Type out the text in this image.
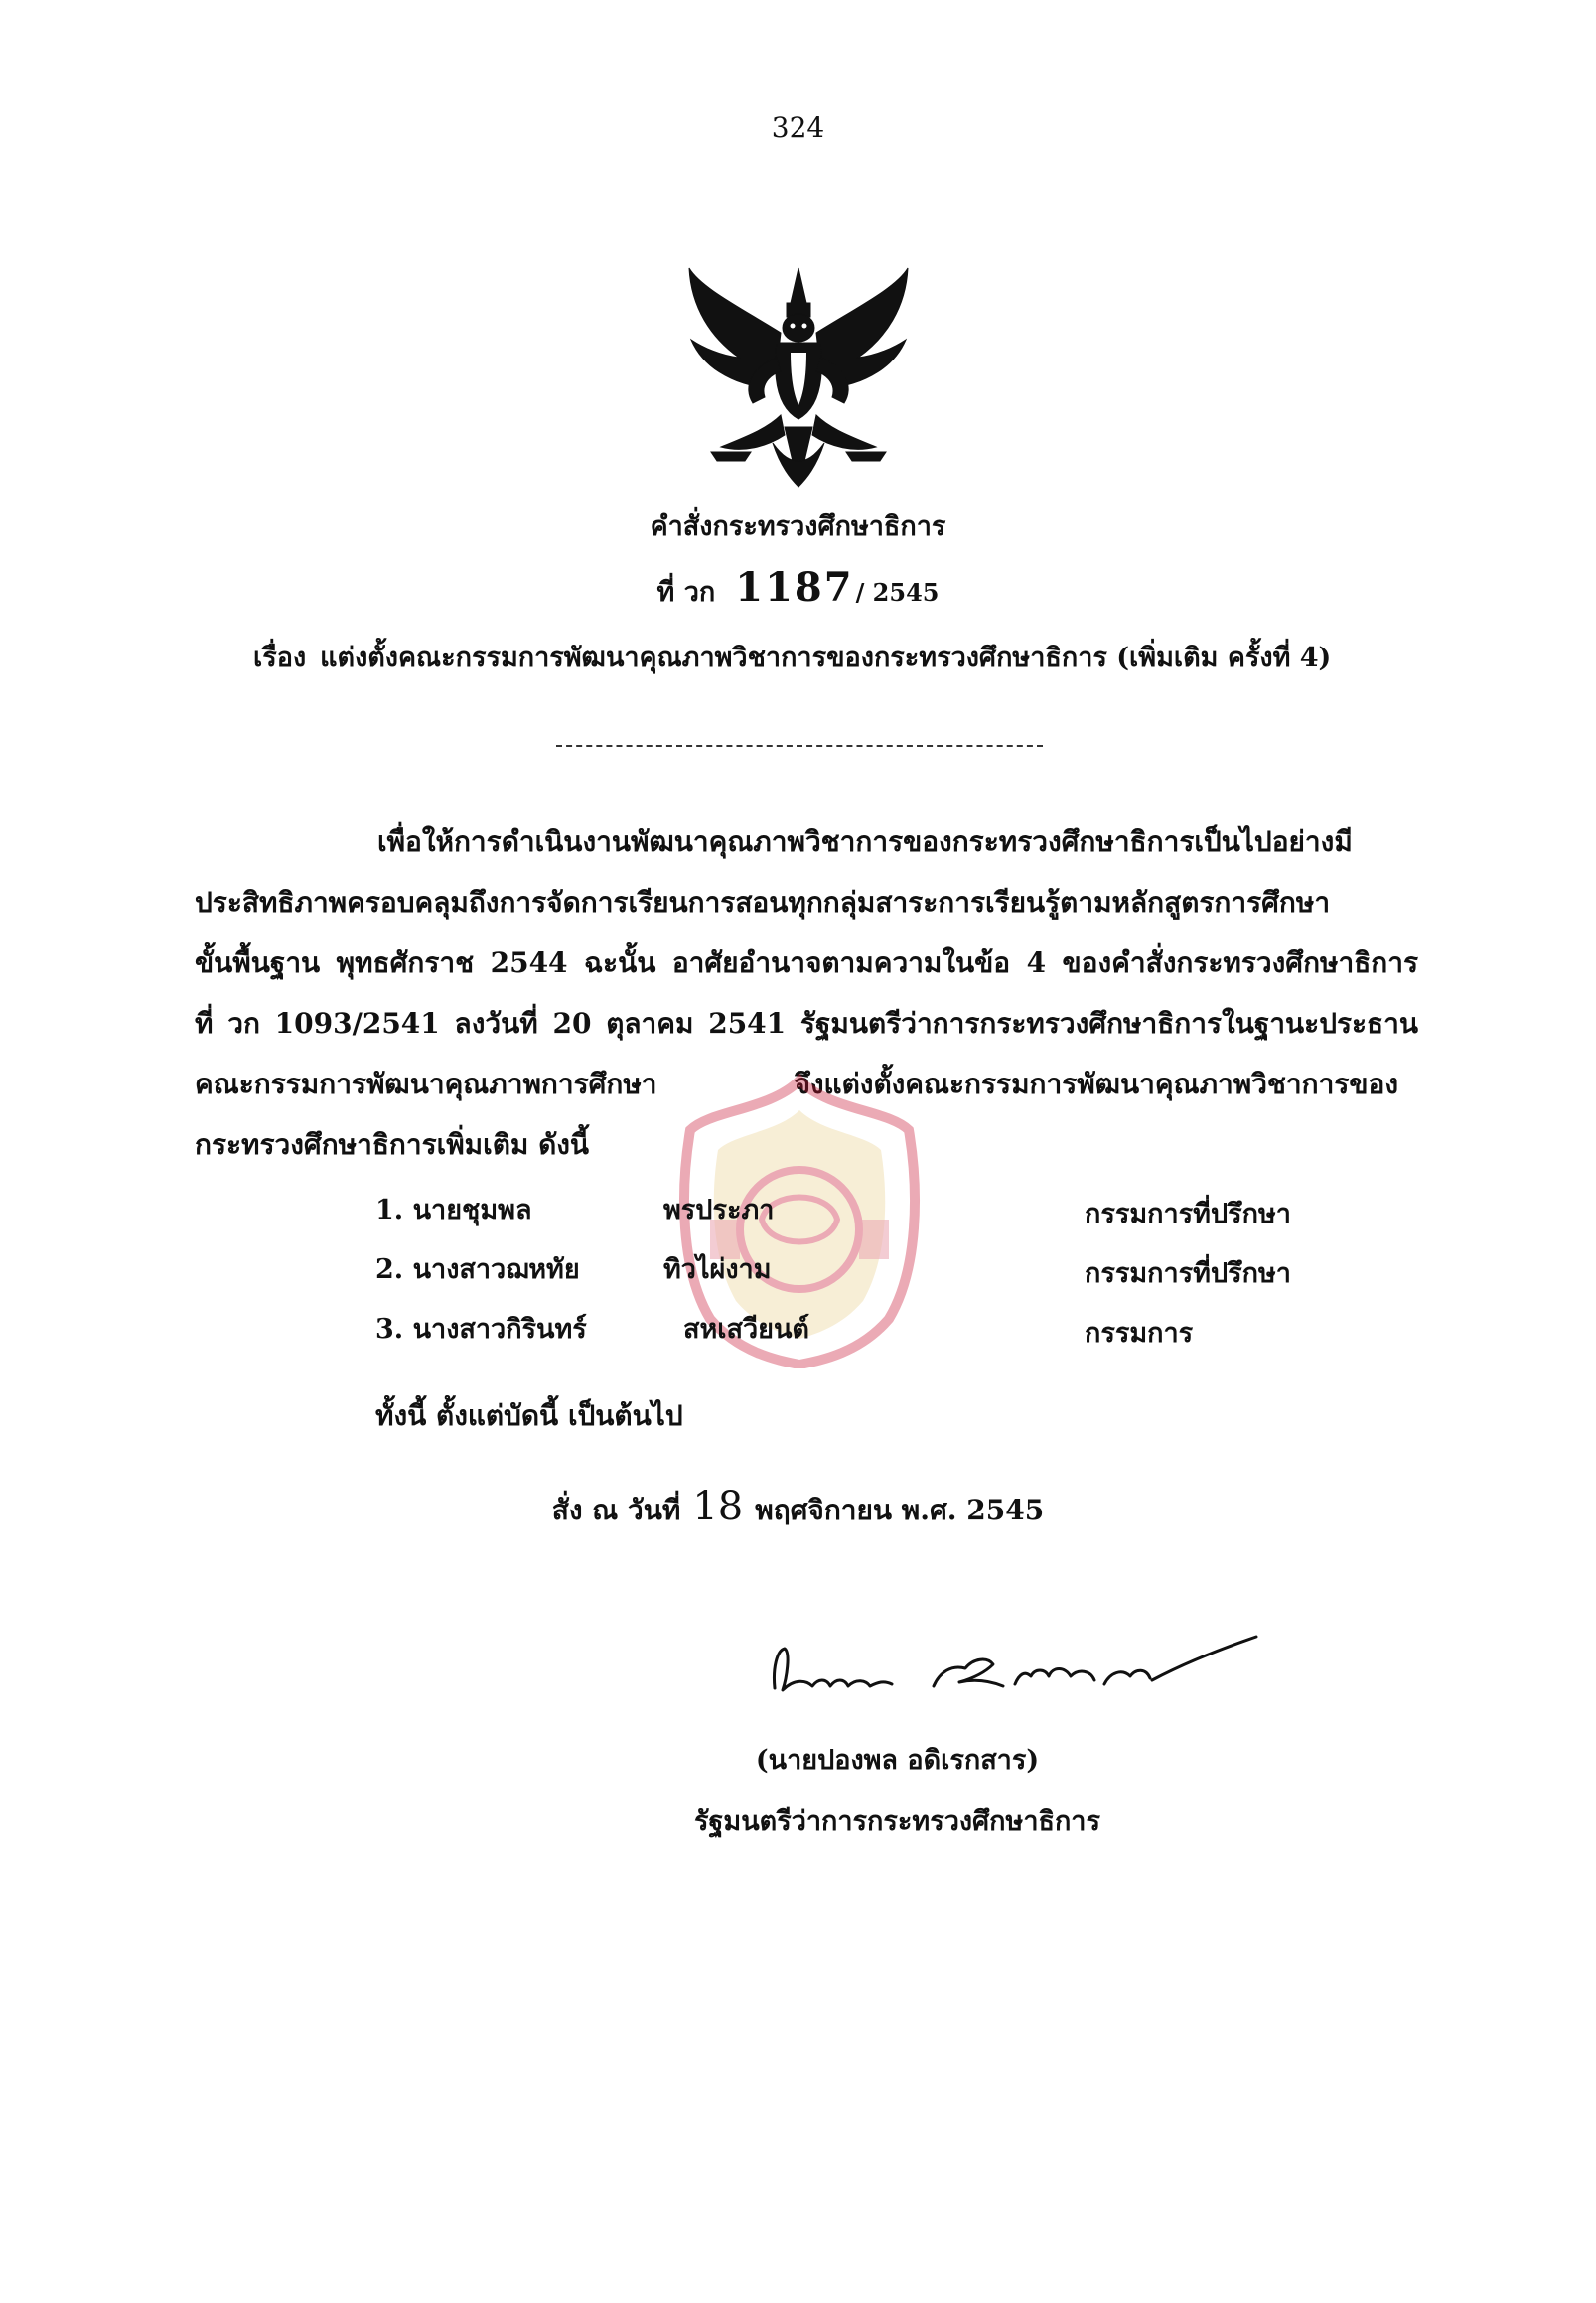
324
คำสั่งกระทรวงศึกษาธิการ
ที่ วก 1187/ 2545
เรื่อง แต่งตั้งคณะกรรมการพัฒนาคุณภาพวิชาการของกระทรวงศึกษาธิการ (เพิ่มเติม ครั้งที่ 4)
เพื่อให้การดำเนินงานพัฒนาคุณภาพวิชาการของกระทรวงศึกษาธิการเป็นไปอย่างมี
ประสิทธิภาพครอบคลุมถึงการจัดการเรียนการสอนทุกกลุ่มสาระการเรียนรู้ตามหลักสูตรการศึกษา
ขั้นพื้นฐาน พุทธศักราช 2544 ฉะนั้น อาศัยอำนาจตามความในข้อ 4 ของคำสั่งกระทรวงศึกษาธิการ
ที่ วก 1093/2541 ลงวันที่ 20 ตุลาคม 2541 รัฐมนตรีว่าการกระทรวงศึกษาธิการในฐานะประธาน
คณะกรรมการพัฒนาคุณภาพการศึกษา จึงแต่งตั้งคณะกรรมการพัฒนาคุณภาพวิชาการของ
กระทรวงศึกษาธิการเพิ่มเติม ดังนี้
1. นายชุมพล	พรประภา	กรรมการที่ปรึกษา
2. นางสาวฌหทัย	ทิวไผ่งาม	กรรมการที่ปรึกษา
3. นางสาวกิรินทร์	สหเสวียนต์	กรรมการ
ทั้งนี้ ตั้งแต่บัดนี้ เป็นต้นไป
สั่ง ณ วันที่ 18 พฤศจิกายน พ.ศ. 2545
(นายปองพล อดิเรกสาร)
รัฐมนตรีว่าการกระทรวงศึกษาธิการ
